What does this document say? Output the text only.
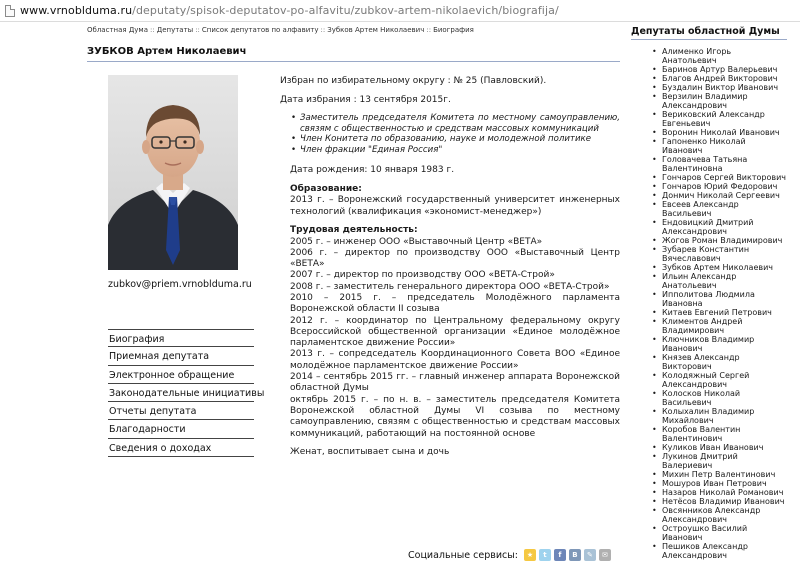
www.vrnoblduma.ru/deputaty/spisok-deputatov-po-alfavitu/zubkov-artem-nikolaevich/biografija/
Областная Дума :: Депутаты :: Список депутатов по алфавиту :: Зубков Артем Николаевич :: Биография
ЗУБКОВ Артем Николаевич
zubkov@priem.vrnoblduma.ru
Биография
Приемная депутата
Электронное обращение
Законодательные инициативы
Отчеты депутата
Благодарности
Сведения о доходах
Избран по избирательному округу : № 25 (Павловский).
Дата избрания : 13 сентября 2015г.
• Заместитель председателя Комитета по местному самоуправлению, связям с общественностью и средствам массовых коммуникаций
• Член Конитета по образованию, науке и молодежной политике
• Член фракции "Единая Россия"
Дата рождения: 10 января 1983 г.
Образование:
2013 г. – Воронежский государственный университет инженерных технологий (квалификация «экономист-менеджер»)
Трудовая деятельность:
2005 г. – инженер ООО «Выставочный Центр «ВЕТА»
2006 г. – директор по производству ООО «Выставочный Центр «ВЕТА»
2007 г. – директор по производству ООО «ВЕТА-Строй»
2008 г. – заместитель генерального директора ООО «ВЕТА-Строй»
2010 – 2015 г. – председатель Молодёжного парламента Воронежской области II созыва
2012 г. – координатор по Центральному федеральному округу Всероссийской общественной организации «Единое молодёжное парламентское движение России»
2013 г. – сопредседатель Координационного Совета ВОО «Единое молодёжное парламентское движение России»
2014 – сентябрь 2015 гг. – главный инженер аппарата Воронежской областной Думы
октябрь 2015 г. – по н. в. – заместитель председателя Комитета Воронежской областной Думы VI созыва по местному самоуправлению, связям с общественностью и средствам массовых коммуникаций, работающий на постоянной основе
Женат, воспитывает сына и дочь
Социальные сервисы:	★	t	f	B	✎	✉
Депутаты областной Думы
• Алименко Игорь Анатольевич
• Баринов Артур Валерьевич
• Благов Андрей Викторович
• Буздалин Виктор Иванович
• Верзилин Владимир Александрович
• Вериковский Александр Евгеньевич
• Воронин Николай Иванович
• Гапоненко Николай Иванович
• Головачева Татьяна Валентиновна
• Гончаров Сергей Викторович
• Гончаров Юрий Федорович
• Донмич Николай Сергеевич
• Евсеев Александр Васильевич
• Ендовицкий Дмитрий Александрович
• Жогов Роман Владимирович
• Зубарев Константин Вячеславович
• Зубков Артем Николаевич
• Ильин Александр Анатольевич
• Ипполитова Людмила Ивановна
• Китаев Евгений Петрович
• Климентов Андрей Владимирович
• Ключников Владимир Иванович
• Князев Александр Викторович
• Колодяжный Сергей Александрович
• Колосков Николай Васильевич
• Колыхалин Владимир Михайлович
• Коробов Валентин Валентинович
• Куликов Иван Иванович
• Лукинов Дмитрий Валериевич
• Михин Петр Валентинович
• Мошуров Иван Петрович
• Назаров Николай Романович
• Нетёсов Владимир Иванович
• Овсянников Александр Александрович
• Остроушко Василий Иванович
• Пешиков Александр Александрович
